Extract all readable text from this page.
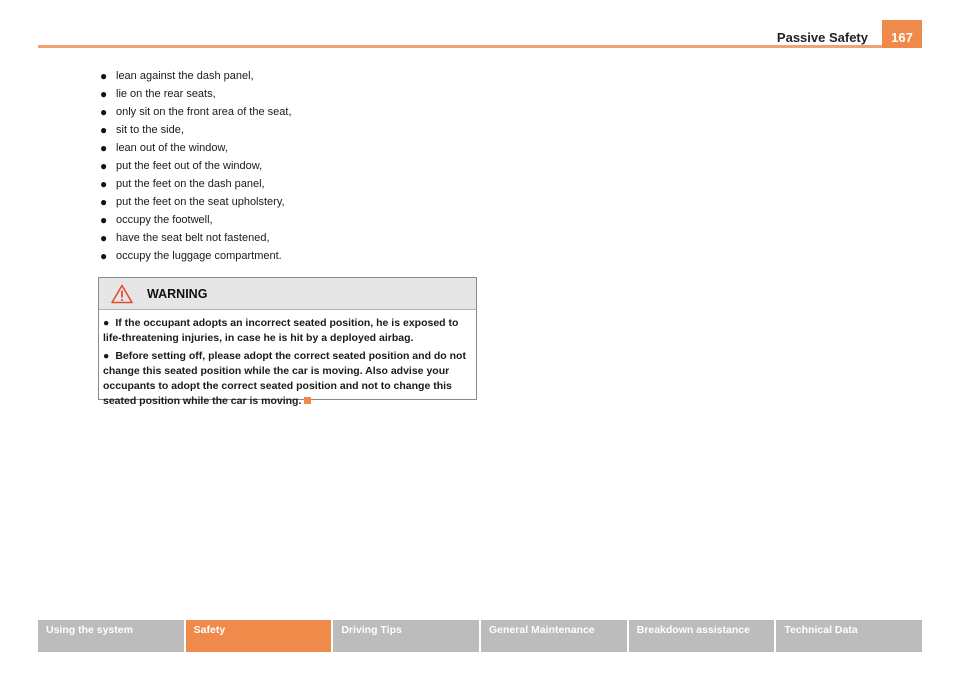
Passive Safety	167
● lean against the dash panel,
● lie on the rear seats,
● only sit on the front area of the seat,
● sit to the side,
● lean out of the window,
● put the feet out of the window,
● put the feet on the dash panel,
● put the feet on the seat upholstery,
● occupy the footwell,
● have the seat belt not fastened,
● occupy the luggage compartment.
WARNING

● If the occupant adopts an incorrect seated position, he is exposed to life-threatening injuries, in case he is hit by a deployed airbag.

● Before setting off, please adopt the correct seated position and do not change this seated position while the car is moving. Also advise your occupants to adopt the correct seated position and not to change this seated position while the car is moving.

Using the system	Safety	Driving Tips	General Maintenance	Breakdown assistance	Technical Data
